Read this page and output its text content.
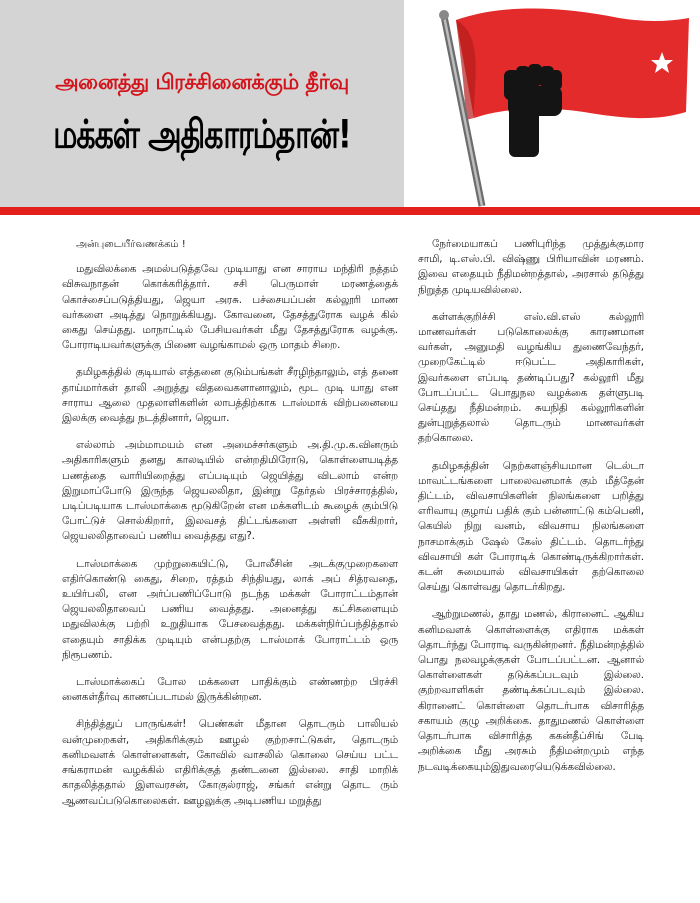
அனைத்து பிரச்சினைக்கும் தீர்வு
மக்கள் அதிகாரம்தான்!
அன்புடையீர்வணக்கம் !

மதுவிலக்கை அமல்படுத்தவே முடியாது என சாராய மந்திரி நத்தம் விசுவநாதன் கொக்கரித்தார். சசி பெருமாள் மரணத்தைக் கொச்சைப்படுத்தியது, ஜெயா அரசு. பச்சையப்பன் கல்லூரி மாண வர்களை அடித்து நொறுக்கியது. கோவனை, தேசத்துரோக வழக் கில் கைது செய்தது. மாநாட்டில் பேசியவர்கள் மீது தேசத்துரோக வழக்கு. போராடியவர்களுக்கு பிணை வழங்காமல் ஒரு மாதம் சிறை.

தமிழகத்தில் குடியால் எத்தனை குடும்பங்கள் சீரழிந்தாலும், எத் தனை தாய்மார்கள் தாலி அறுத்து விதவைகளானாலும், மூட முடி யாது என சாராய ஆலை முதலாளிகளின் லாபத்திற்காக டாஸ்மாக் விற்பனையை இலக்கு வைத்து நடத்தினார், ஜெயா.

எல்லாம் அம்மாமயம் என அமைச்சர்களும் அ.தி.மு.க.வினரும் அதிகாரிகளும் தனது காலடியில் என்றதிமிரோடு, கொள்ளையடித்த பணத்தை வாரியிறைத்து எப்படியும் ஜெயித்து விடலாம் என்ற இறுமாப்போடு இருந்த ஜெயலலிதா, இன்று தேர்தல் பிரச்சாரத்தில், படிப்படியாக டாஸ்மாக்கை மூடுகிறேன் என மக்களிடம் கூழைக் கும்பிடு போட்டுச் சொல்கிறார், இலவசத் திட்டங்களை அள்ளி வீசுகிறார், ஜெயலலிதாவைப் பணிய வைத்தது எது?.

டாஸ்மாக்கை முற்றுகையிட்டு, போலீசின் அடக்குமுறைகளை எதிர்கொண்டு கைது, சிறை, ரத்தம் சிந்தியது, லாக் அப் சித்ரவதை, உயிர்பலி, என அர்ப்பணிப்போடு நடந்த மக்கள் போராட்டம்தான் ஜெயலலிதாவைப் பணிய வைத்தது. அனைத்து கட்சிகளையும் மதுவிலக்கு பற்றி உறுதியாக பேசவைத்தது. மக்கள்நிர்ப்பந்தித்தால் எதையும் சாதிக்க முடியும் என்பதற்கு டாஸ்மாக் போராட்டம் ஒரு நிரூபணம்.

டாஸ்மாக்கைப் போல மக்களை பாதிக்கும் எண்ணற்ற பிரச்சி னைகள்தீர்வு காணப்படாமல் இருக்கின்றன.

சிந்தித்துப் பாருங்கள்! பெண்கள் மீதான தொடரும் பாலியல் வன்முறைகள், அதிகரிக்கும் ஊழல் குற்றசாட்டுகள், தொடரும் கனிமவளக் கொள்ளைகள், கோவில் வாசலில் கொலை செய்ய பட்ட சங்கராமன் வழக்கில் எதிரிக்குத் தண்டனை இல்லை. சாதி மாறிக் காதலித்ததால் இளவரசன், கோகுல்ராஜ், சங்கர் என்று தொட ரும் ஆணவப்படுகொலைகள். ஊழலுக்கு அடிபணிய மறுத்து

நேர்மையாகப் பணிபுரிந்த முத்துக்குமார சாமி, டி.எஸ்.பி. விஷ்ணு பிரியாவின் மரணம். இவை எதையும் நீதிமன்றத்தால், அரசால் தடுத்து நிறுத்த முடியவில்லை.

கள்ளக்குறிச்சி எஸ்.வி.எஸ் கல்லூரி மாணவர்கள் படுகொலைக்கு காரணமான வர்கள், அனுமதி வழங்கிய துணைவேந்தர், முறைகேட்டில் ஈடுபட்ட அதிகாரிகள், இவர்களை எப்படி தண்டிப்பது? கல்லூரி மீது போடப்பட்ட பொதுநல வழக்கை தள்ளுபடி செய்தது நீதிமன்றம். சுயநிதி கல்லூரிகளின் துன்புறுத்தலால் தொடரும் மாணவர்கள் தற்கொலை.

தமிழகத்தின் நெற்களஞ்சியமான டெல்டா மாவட்டங்களை பாலைவனமாக் கும் மீத்தேன் திட்டம், விவசாயிகளின் நிலங்களை பறித்து எரிவாயு குழாய் பதிக் கும் பன்னாட்டு கம்பெனி, கெயில் நிறு வனம், விவசாய நிலங்களை நாசமாக்கும் ஷேல் கேஸ் திட்டம். தொடர்ந்து விவசாயி கள் போராடிக் கொண்டிருக்கிறார்கள். கடன் சுமையால் விவசாயிகள் தற்கொலை செய்து கொள்வது தொடர்கிறது.

ஆற்றுமணல், தாது மணல், கிரானைட் ஆகிய கனிமவளக் கொள்ளைக்கு எதிராக மக்கள் தொடர்ந்து போராடி வருகின்றனர். நீதிமன்றத்தில் பொது நலவழக்குகள் போடப்பட்டன. ஆனால் கொள்ளைகள் தடுக்கப்படவும் இல்லை. குற்றவாளிகள் தண்டிக்கப்படவும் இல்லை. கிரானைட் கொள்ளை தொடர்பாக விசாரித்த சகாயம் குழு அறிக்கை. தாதுமணல் கொள்ளை தொடர்பாக விசாரித்த ககன்தீப்சிங் பேடி அறிக்கை மீது அரசும் நீதிமன்றமும் எந்த நடவடிக்கையும்இதுவரையெடுக்கவில்லை.
